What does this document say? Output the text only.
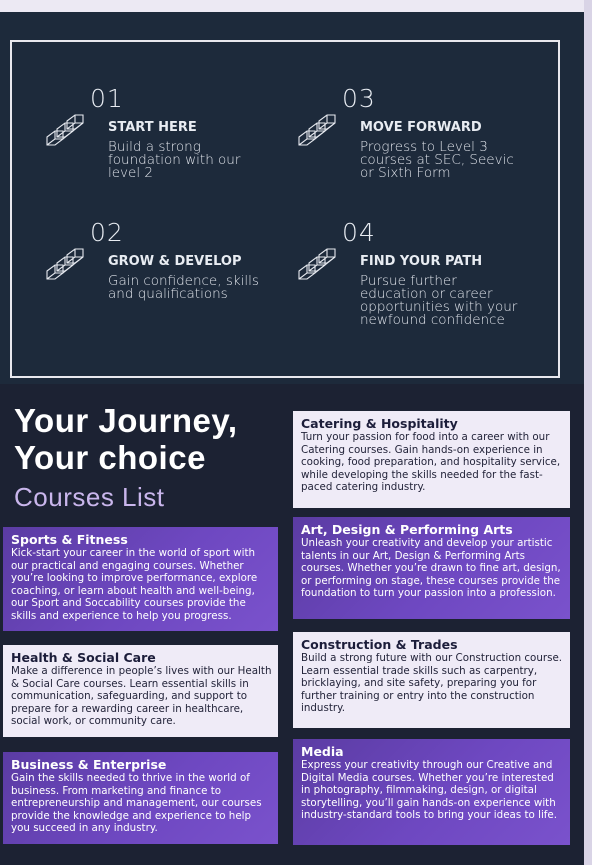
01
START HERE
Build a strong foundation with our level 2
03
MOVE FORWARD
Progress to Level 3 courses at SEC, Seevic or Sixth Form
02
GROW & DEVELOP
Gain confidence, skills and qualifications
04
FIND YOUR PATH
Pursue further education or career opportunities with your newfound confidence
Your Journey,
Your choice
Courses List
Catering & Hospitality
Turn your passion for food into a career with our Catering courses. Gain hands-on experience in cooking, food preparation, and hospitality service, while developing the skills needed for the fast-paced catering industry.
Sports & Fitness
Kick-start your career in the world of sport with our practical and engaging courses. Whether you’re looking to improve performance, explore coaching, or learn about health and well-being, our Sport and Soccability courses provide the skills and experience to help you progress.
Art, Design & Performing Arts
Unleash your creativity and develop your artistic talents in our Art, Design & Performing Arts courses. Whether you’re drawn to fine art, design, or performing on stage, these courses provide the foundation to turn your passion into a profession.
Health & Social Care
Make a difference in people’s lives with our Health & Social Care courses. Learn essential skills in communication, safeguarding, and support to prepare for a rewarding career in healthcare, social work, or community care.
Construction & Trades
Build a strong future with our Construction course. Learn essential trade skills such as carpentry, bricklaying, and site safety, preparing you for further training or entry into the construction industry.
Business & Enterprise
Gain the skills needed to thrive in the world of business. From marketing and finance to entrepreneurship and management, our courses provide the knowledge and experience to help you succeed in any industry.
Media
Express your creativity through our Creative and Digital Media courses. Whether you’re interested in photography, filmmaking, design, or digital storytelling, you’ll gain hands-on experience with industry-standard tools to bring your ideas to life.
